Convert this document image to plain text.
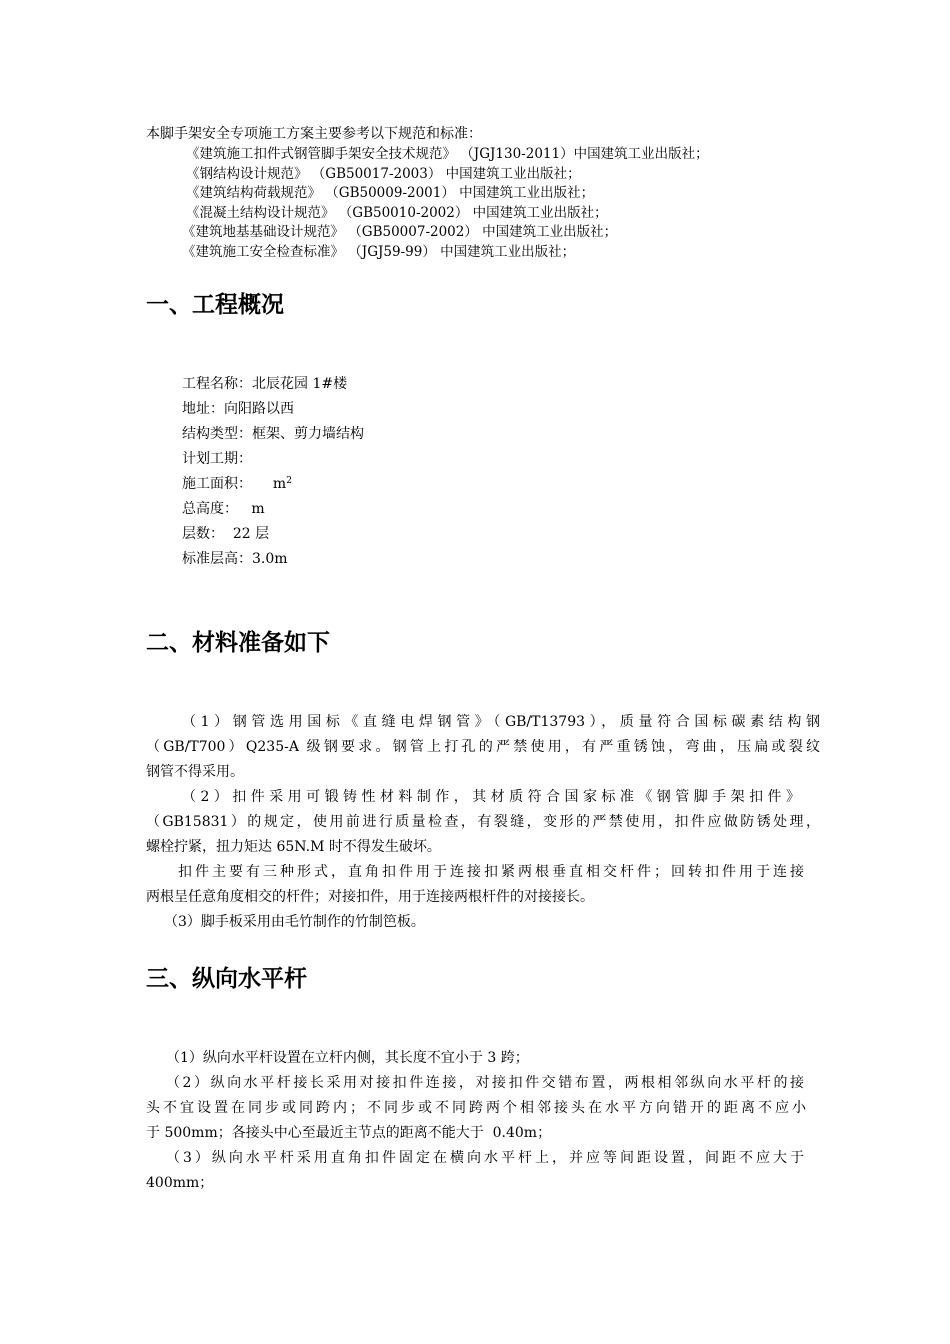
本脚手架安全专项施工方案主要参考以下规范和标准：
《建筑施工扣件式钢管脚手架安全技术规范》 （JGJ130-2011）中国建筑工业出版社；
《钢结构设计规范》 （GB50017-2003） 中国建筑工业出版社；
《建筑结构荷载规范》 （GB50009-2001） 中国建筑工业出版社；
《混凝土结构设计规范》 （GB50010-2002） 中国建筑工业出版社；
《建筑地基基础设计规范》 （GB50007-2002） 中国建筑工业出版社；
《建筑施工安全检查标准》 （JGJ59-99） 中国建筑工业出版社；
一、工程概况
工程名称：北辰花园 1#楼
地址：向阳路以西
结构类型：框架、剪力墙结构
计划工期：
施工面积： $m^2$
总高度：   m
层数：  22 层
标准层高：3.0m
二、材料准备如下
（1）钢管选用国标《直缝电焊钢管》（GB/T13793），质量符合国标碳素结构钢
（GB/T700）Q235-A 级钢要求。钢管上打孔的严禁使用，有严重锈蚀，弯曲，压扁或裂纹
钢管不得采用。
（2）扣件采用可锻铸性材料制作，其材质符合国家标准《钢管脚手架扣件》
（GB15831）的规定，使用前进行质量检查，有裂缝，变形的严禁使用，扣件应做防锈处理，
螺栓拧紧，扭力矩达 65N.M 时不得发生破坏。
扣件主要有三种形式，直角扣件用于连接扣紧两根垂直相交杆件；回转扣件用于连接
两根呈任意角度相交的杆件；对接扣件，用于连接两根杆件的对接接长。
（3）脚手板采用由毛竹制作的竹制笆板。
三、纵向水平杆
（1）纵向水平杆设置在立杆内侧，其长度不宜小于 3 跨；
（2）纵向水平杆接长采用对接扣件连接，对接扣件交错布置，两根相邻纵向水平杆的接
头不宜设置在同步或同跨内；不同步或不同跨两个相邻接头在水平方向错开的距离不应小
于 500mm；各接头中心至最近主节点的距离不能大于  0.40m；
（3）纵向水平杆采用直角扣件固定在横向水平杆上，并应等间距设置，间距不应大于
400mm；
